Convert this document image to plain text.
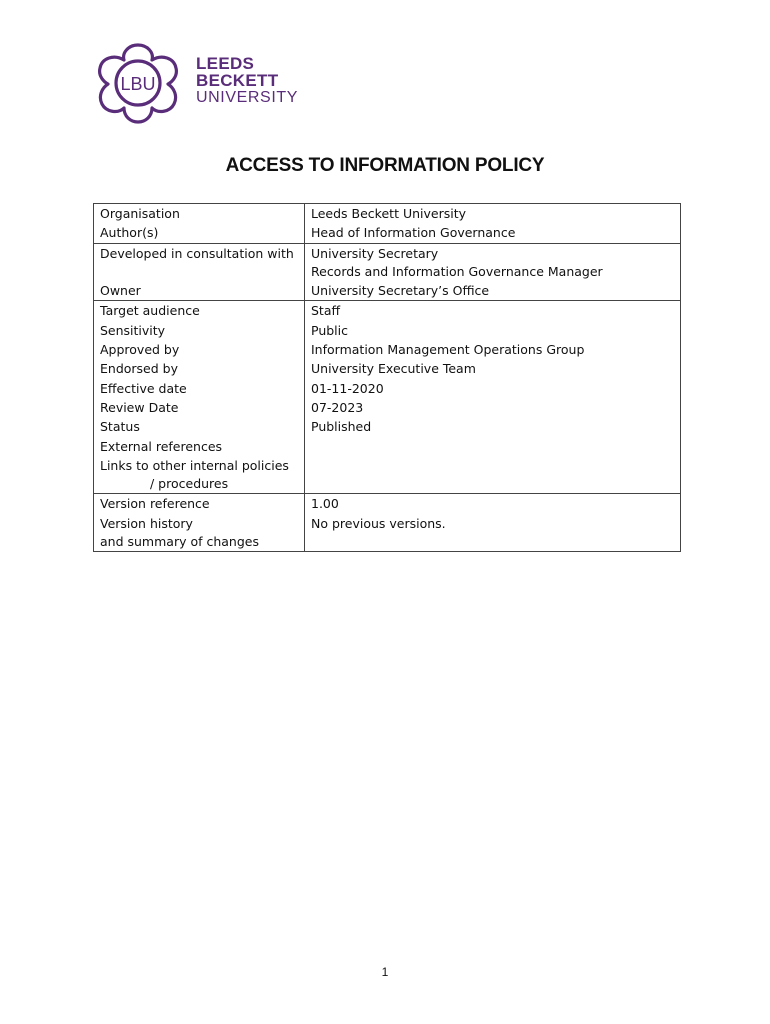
LBU
LEEDS
BECKETT
UNIVERSITY
ACCESS TO INFORMATION POLICY
Organisation	Leeds Beckett University

Author(s)	Head of Information Governance

Developed in consultation with	University Secretary
Records and Information Governance Manager

Owner	University Secretary’s Office

Target audience	Staff

Sensitivity	Public

Approved by	Information Management Operations Group

Endorsed by	University Executive Team

Effective date	01-11-2020

Review Date	07-2023

Status	Published

External references	

Links to other internal policies
/ procedures	

Version reference	1.00

Version history
and summary of changes	No previous versions.
1
